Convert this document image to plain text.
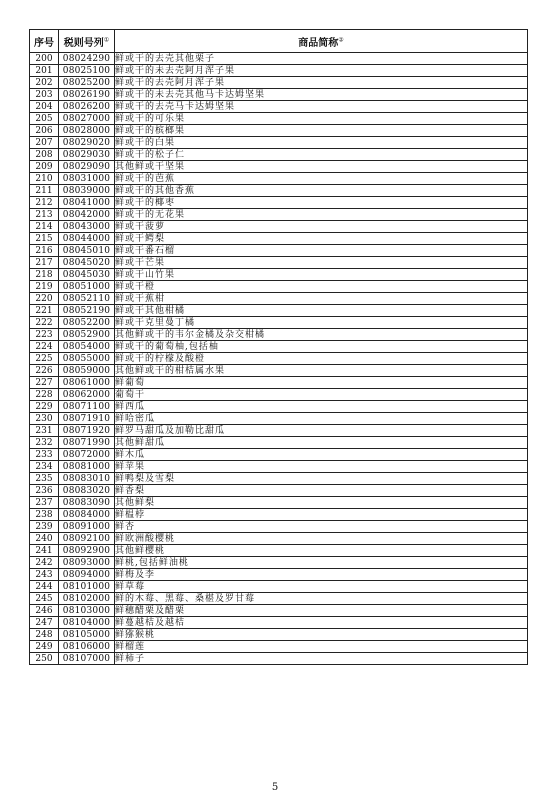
序号	税则号列①	商品简称②
200	08024290	鲜或干的去壳其他栗子
201	08025100	鲜或干的未去壳阿月浑子果
202	08025200	鲜或干的去壳阿月浑子果
203	08026190	鲜或干的未去壳其他马卡达姆坚果
204	08026200	鲜或干的去壳马卡达姆坚果
205	08027000	鲜或干的可乐果
206	08028000	鲜或干的槟榔果
207	08029020	鲜或干的白果
208	08029030	鲜或干的松子仁
209	08029090	其他鲜或干坚果
210	08031000	鲜或干的芭蕉
211	08039000	鲜或干的其他香蕉
212	08041000	鲜或干的椰枣
213	08042000	鲜或干的无花果
214	08043000	鲜或干菠萝
215	08044000	鲜或干鳄梨
216	08045010	鲜或干番石榴
217	08045020	鲜或干芒果
218	08045030	鲜或干山竹果
219	08051000	鲜或干橙
220	08052110	鲜或干蕉柑
221	08052190	鲜或干其他柑橘
222	08052200	鲜或干克里曼丁橘
223	08052900	其他鲜或干的韦尔金橘及杂交柑橘
224	08054000	鲜或干的葡萄柚,包括柚
225	08055000	鲜或干的柠檬及酸橙
226	08059000	其他鲜或干的柑桔属水果
227	08061000	鲜葡萄
228	08062000	葡萄干
229	08071100	鲜西瓜
230	08071910	鲜哈密瓜
231	08071920	鲜罗马甜瓜及加勒比甜瓜
232	08071990	其他鲜甜瓜
233	08072000	鲜木瓜
234	08081000	鲜苹果
235	08083010	鲜鸭梨及雪梨
236	08083020	鲜香梨
237	08083090	其他鲜梨
238	08084000	鲜榅桲
239	08091000	鲜杏
240	08092100	鲜欧洲酸樱桃
241	08092900	其他鲜樱桃
242	08093000	鲜桃,包括鲜油桃
243	08094000	鲜梅及李
244	08101000	鲜草莓
245	08102000	鲜的木莓、黑莓、桑椹及罗甘莓
246	08103000	鲜穗醋栗及醋栗
247	08104000	鲜蔓越桔及越桔
248	08105000	鲜猕猴桃
249	08106000	鲜榴莲
250	08107000	鲜柿子
5
